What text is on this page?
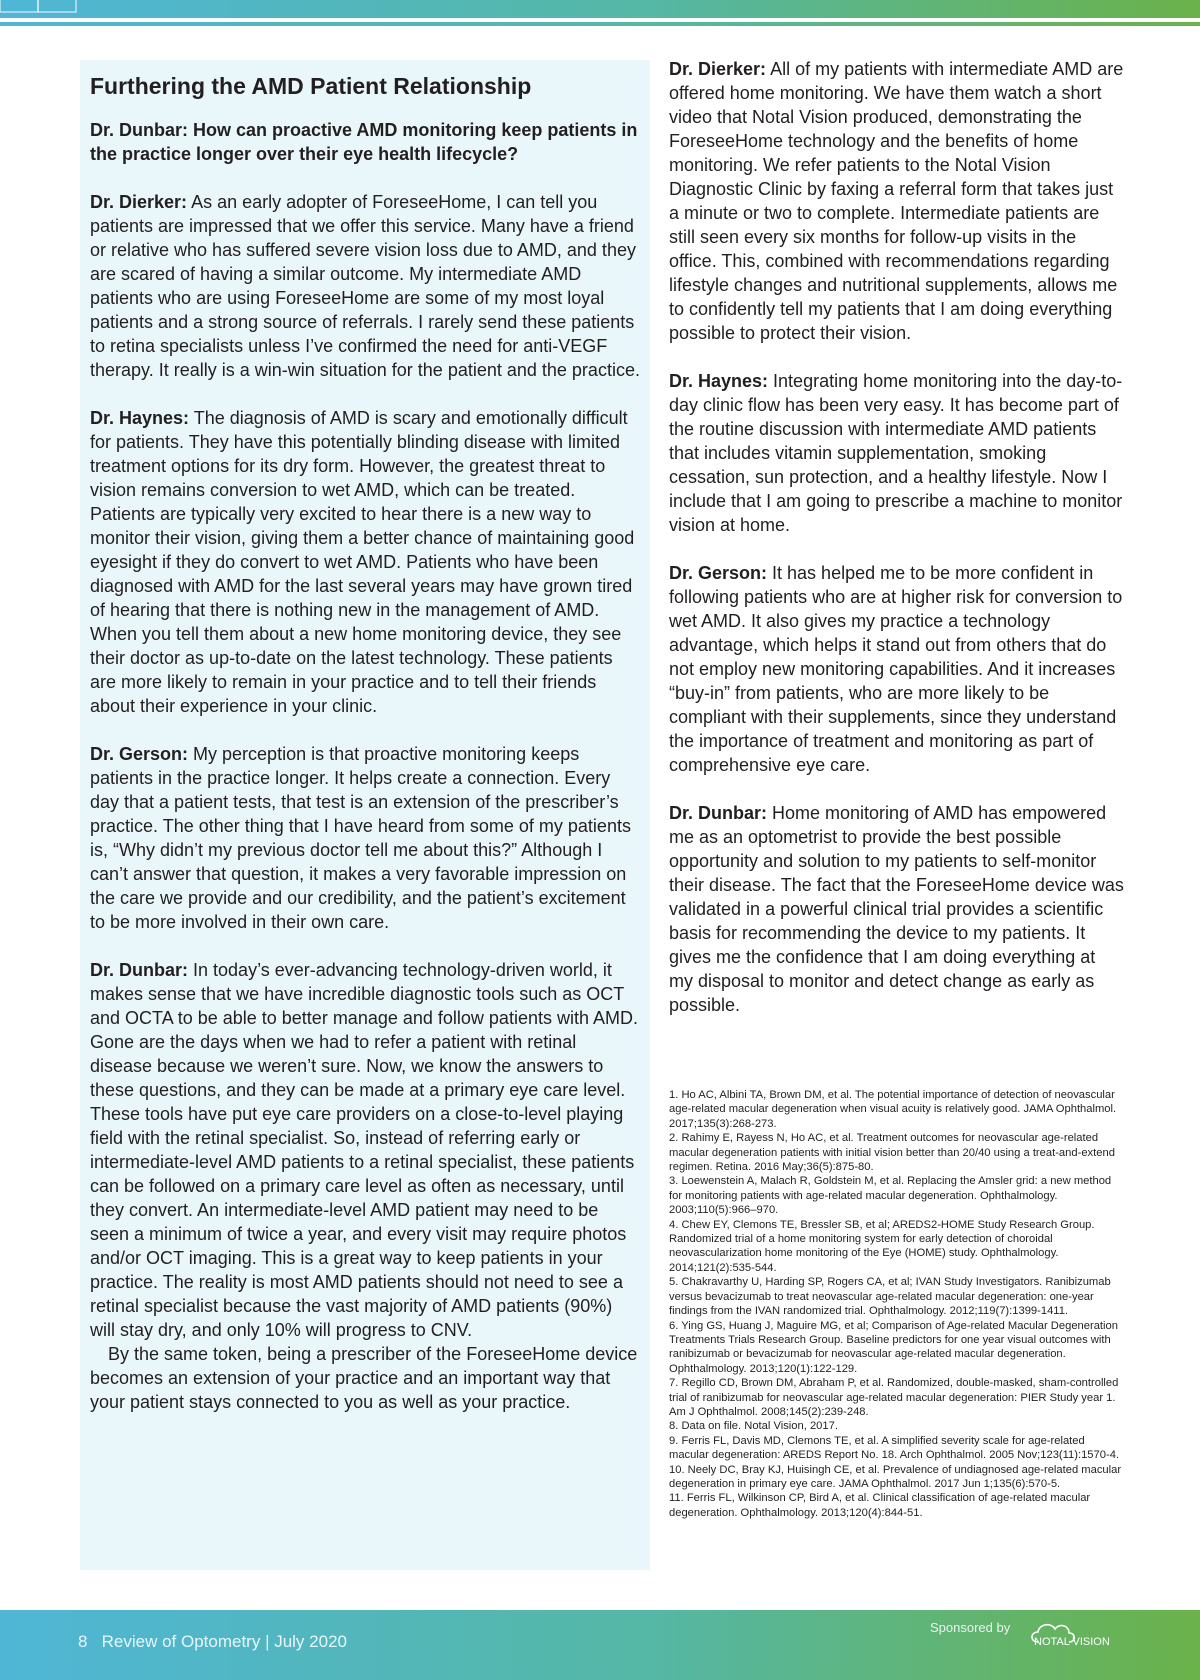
Furthering the AMD Patient Relationship
Dr. Dunbar: How can proactive AMD monitoring keep patients in the practice longer over their eye health lifecycle?

Dr. Dierker: As an early adopter of ForeseeHome, I can tell you patients are impressed that we offer this service. Many have a friend or relative who has suffered severe vision loss due to AMD, and they are scared of having a similar outcome. My intermediate AMD patients who are using ForeseeHome are some of my most loyal patients and a strong source of referrals. I rarely send these patients to retina specialists unless I’ve confirmed the need for anti-VEGF therapy. It really is a win-win situation for the patient and the practice.

Dr. Haynes: The diagnosis of AMD is scary and emotionally difficult for patients. They have this potentially blinding disease with limited treatment options for its dry form. However, the greatest threat to vision remains conversion to wet AMD, which can be treated. Patients are typically very excited to hear there is a new way to monitor their vision, giving them a better chance of maintaining good eyesight if they do convert to wet AMD. Patients who have been diagnosed with AMD for the last several years may have grown tired of hearing that there is nothing new in the management of AMD. When you tell them about a new home monitoring device, they see their doctor as up-to-date on the latest technology. These patients are more likely to remain in your practice and to tell their friends about their experience in your clinic.

Dr. Gerson: My perception is that proactive monitoring keeps patients in the practice longer. It helps create a connection. Every day that a patient tests, that test is an extension of the prescriber’s practice. The other thing that I have heard from some of my patients is, “Why didn’t my previous doctor tell me about this?” Although I can’t answer that question, it makes a very favorable impression on the care we provide and our credibility, and the patient’s excitement to be more involved in their own care.

Dr. Dunbar: In today’s ever-advancing technology-driven world, it makes sense that we have incredible diagnostic tools such as OCT and OCTA to be able to better manage and follow patients with AMD. Gone are the days when we had to refer a patient with retinal disease because we weren’t sure. Now, we know the answers to these questions, and they can be made at a primary eye care level. These tools have put eye care providers on a close-to-level playing field with the retinal specialist. So, instead of referring early or intermediate-level AMD patients to a retinal specialist, these patients can be followed on a primary care level as often as necessary, until they convert. An intermediate-level AMD patient may need to be seen a minimum of twice a year, and every visit may require photos and/or OCT imaging. This is a great way to keep patients in your practice. The reality is most AMD patients should not need to see a retinal specialist because the vast majority of AMD patients (90%) will stay dry, and only 10% will progress to CNV.

By the same token, being a prescriber of the ForeseeHome device becomes an extension of your practice and an important way that your patient stays connected to you as well as your practice.

Dr. Dierker: All of my patients with intermediate AMD are offered home monitoring. We have them watch a short video that Notal Vision produced, demonstrating the ForeseeHome technology and the benefits of home monitoring. We refer patients to the Notal Vision Diagnostic Clinic by faxing a referral form that takes just a minute or two to complete. Intermediate patients are still seen every six months for follow-up visits in the office. This, combined with recommendations regarding lifestyle changes and nutritional supplements, allows me to confidently tell my patients that I am doing everything possible to protect their vision.

Dr. Haynes: Integrating home monitoring into the day-to-day clinic flow has been very easy. It has become part of the routine discussion with intermediate AMD patients that includes vitamin supplementation, smoking cessation, sun protection, and a healthy lifestyle. Now I include that I am going to prescribe a machine to monitor vision at home.

Dr. Gerson: It has helped me to be more confident in following patients who are at higher risk for conversion to wet AMD. It also gives my practice a technology advantage, which helps it stand out from others that do not employ new monitoring capabilities. And it increases “buy-in” from patients, who are more likely to be compliant with their supplements, since they understand the importance of treatment and monitoring as part of comprehensive eye care.

Dr. Dunbar: Home monitoring of AMD has empowered me as an optometrist to provide the best possible opportunity and solution to my patients to self-monitor their disease. The fact that the ForeseeHome device was validated in a powerful clinical trial provides a scientific basis for recommending the device to my patients. It gives me the confidence that I am doing everything at my disposal to monitor and detect change as early as possible.

1. Ho AC, Albini TA, Brown DM, et al. The potential importance of detection of neovascular age-related macular degeneration when visual acuity is relatively good. JAMA Ophthalmol. 2017;135(3):268-273.

2. Rahimy E, Rayess N, Ho AC, et al. Treatment outcomes for neovascular age-related macular degeneration patients with initial vision better than 20/40 using a treat-and-extend regimen. Retina. 2016 May;36(5):875-80.

3. Loewenstein A, Malach R, Goldstein M, et al. Replacing the Amsler grid: a new method for monitoring patients with age-related macular degeneration. Ophthalmology. 2003;110(5):966–970.

4. Chew EY, Clemons TE, Bressler SB, et al; AREDS2-HOME Study Research Group. Randomized trial of a home monitoring system for early detection of choroidal neovascularization home monitoring of the Eye (HOME) study. Ophthalmology. 2014;121(2):535-544.

5. Chakravarthy U, Harding SP, Rogers CA, et al; IVAN Study Investigators. Ranibizumab versus bevacizumab to treat neovascular age-related macular degeneration: one-year findings from the IVAN randomized trial. Ophthalmology. 2012;119(7):1399-1411.

6. Ying GS, Huang J, Maguire MG, et al; Comparison of Age-related Macular Degeneration Treatments Trials Research Group. Baseline predictors for one year visual outcomes with ranibizumab or bevacizumab for neovascular age-related macular degeneration. Ophthalmology. 2013;120(1):122-129.

7. Regillo CD, Brown DM, Abraham P, et al. Randomized, double-masked, sham-controlled trial of ranibizumab for neovascular age-related macular degeneration: PIER Study year 1. Am J Ophthalmol. 2008;145(2):239-248.

8. Data on file. Notal Vision, 2017.

9. Ferris FL, Davis MD, Clemons TE, et al. A simplified severity scale for age-related macular degeneration: AREDS Report No. 18. Arch Ophthalmol. 2005 Nov;123(11):1570-4.

10. Neely DC, Bray KJ, Huisingh CE, et al. Prevalence of undiagnosed age-related macular degeneration in primary eye care. JAMA Ophthalmol. 2017 Jun 1;135(6):570-5.

11. Ferris FL, Wilkinson CP, Bird A, et al. Clinical classification of age-related macular degeneration. Ophthalmology. 2013;120(4):844-51.

8   Review of Optometry | July 2020
Sponsored by
NOTAL VISION
